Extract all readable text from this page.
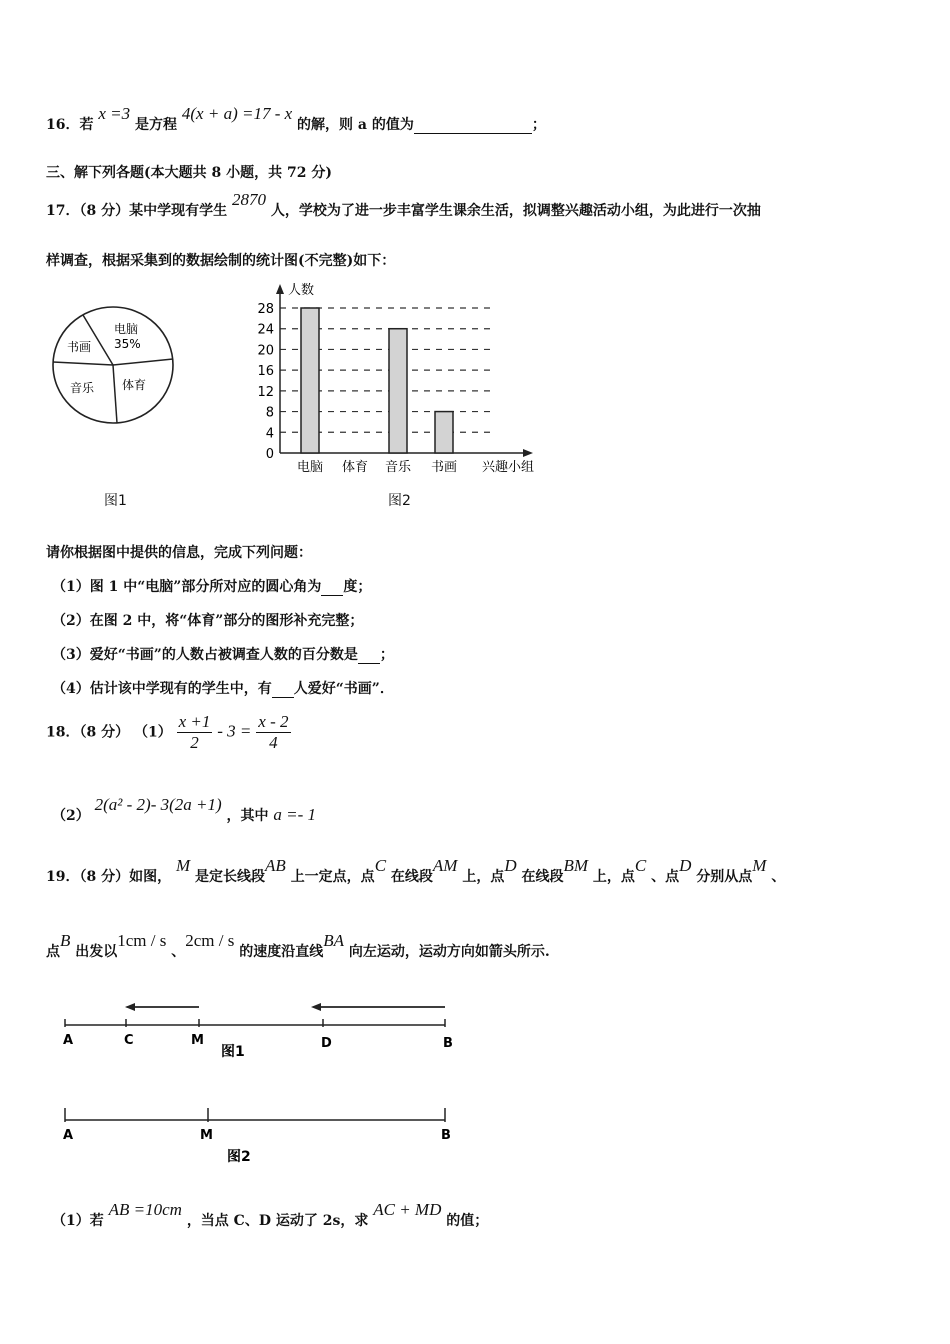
16．若 x =3 是方程 4(x + a) =17 - x 的解，则 a 的值为	；
三、解下列各题(本大题共 8 小题，共 72 分)
17．（8 分）某中学现有学生 2870 人，学校为了进一步丰富学生课余生活，拟调整兴趣活动小组，为此进行一次抽
样调查，根据采集到的数据绘制的统计图(不完整)如下：
电脑
35%
书画
音乐 体育
图1
人数
兴趣小组
0
4
8
12
16
20
24
28
电脑 体育 音乐 书画
图2
请你根据图中提供的信息，完成下列问题：
（1）图 1 中“电脑”部分所对应的圆心角为 度；
（2）在图 2 中，将“体育”部分的图形补充完整；
（3）爱好“书画”的人数占被调查人数的百分数是 ；
（4）估计该中学现有的学生中，有 人爱好“书画”．
18．（8 分） $(1) \frac{x +1}{2} - 3 = \frac{x - 2}{4}$
（2） 2(a² - 2)- 3(2a +1) ，其中 a =- 1
19．（8 分）如图， M 是定长线段AB 上一定点，点C 在线段AM 上，点D 在线段BM 上，点C 、点D 分别从点M 、
点B 出发以1cm / s 、2cm / s 的速度沿直线BA 向左运动，运动方向如箭头所示.
A	C	M	D	B
图1
A	M	B
图2
（1）若 AB =10cm ，当点 C、D 运动了 2s，求 AC + MD 的值；
